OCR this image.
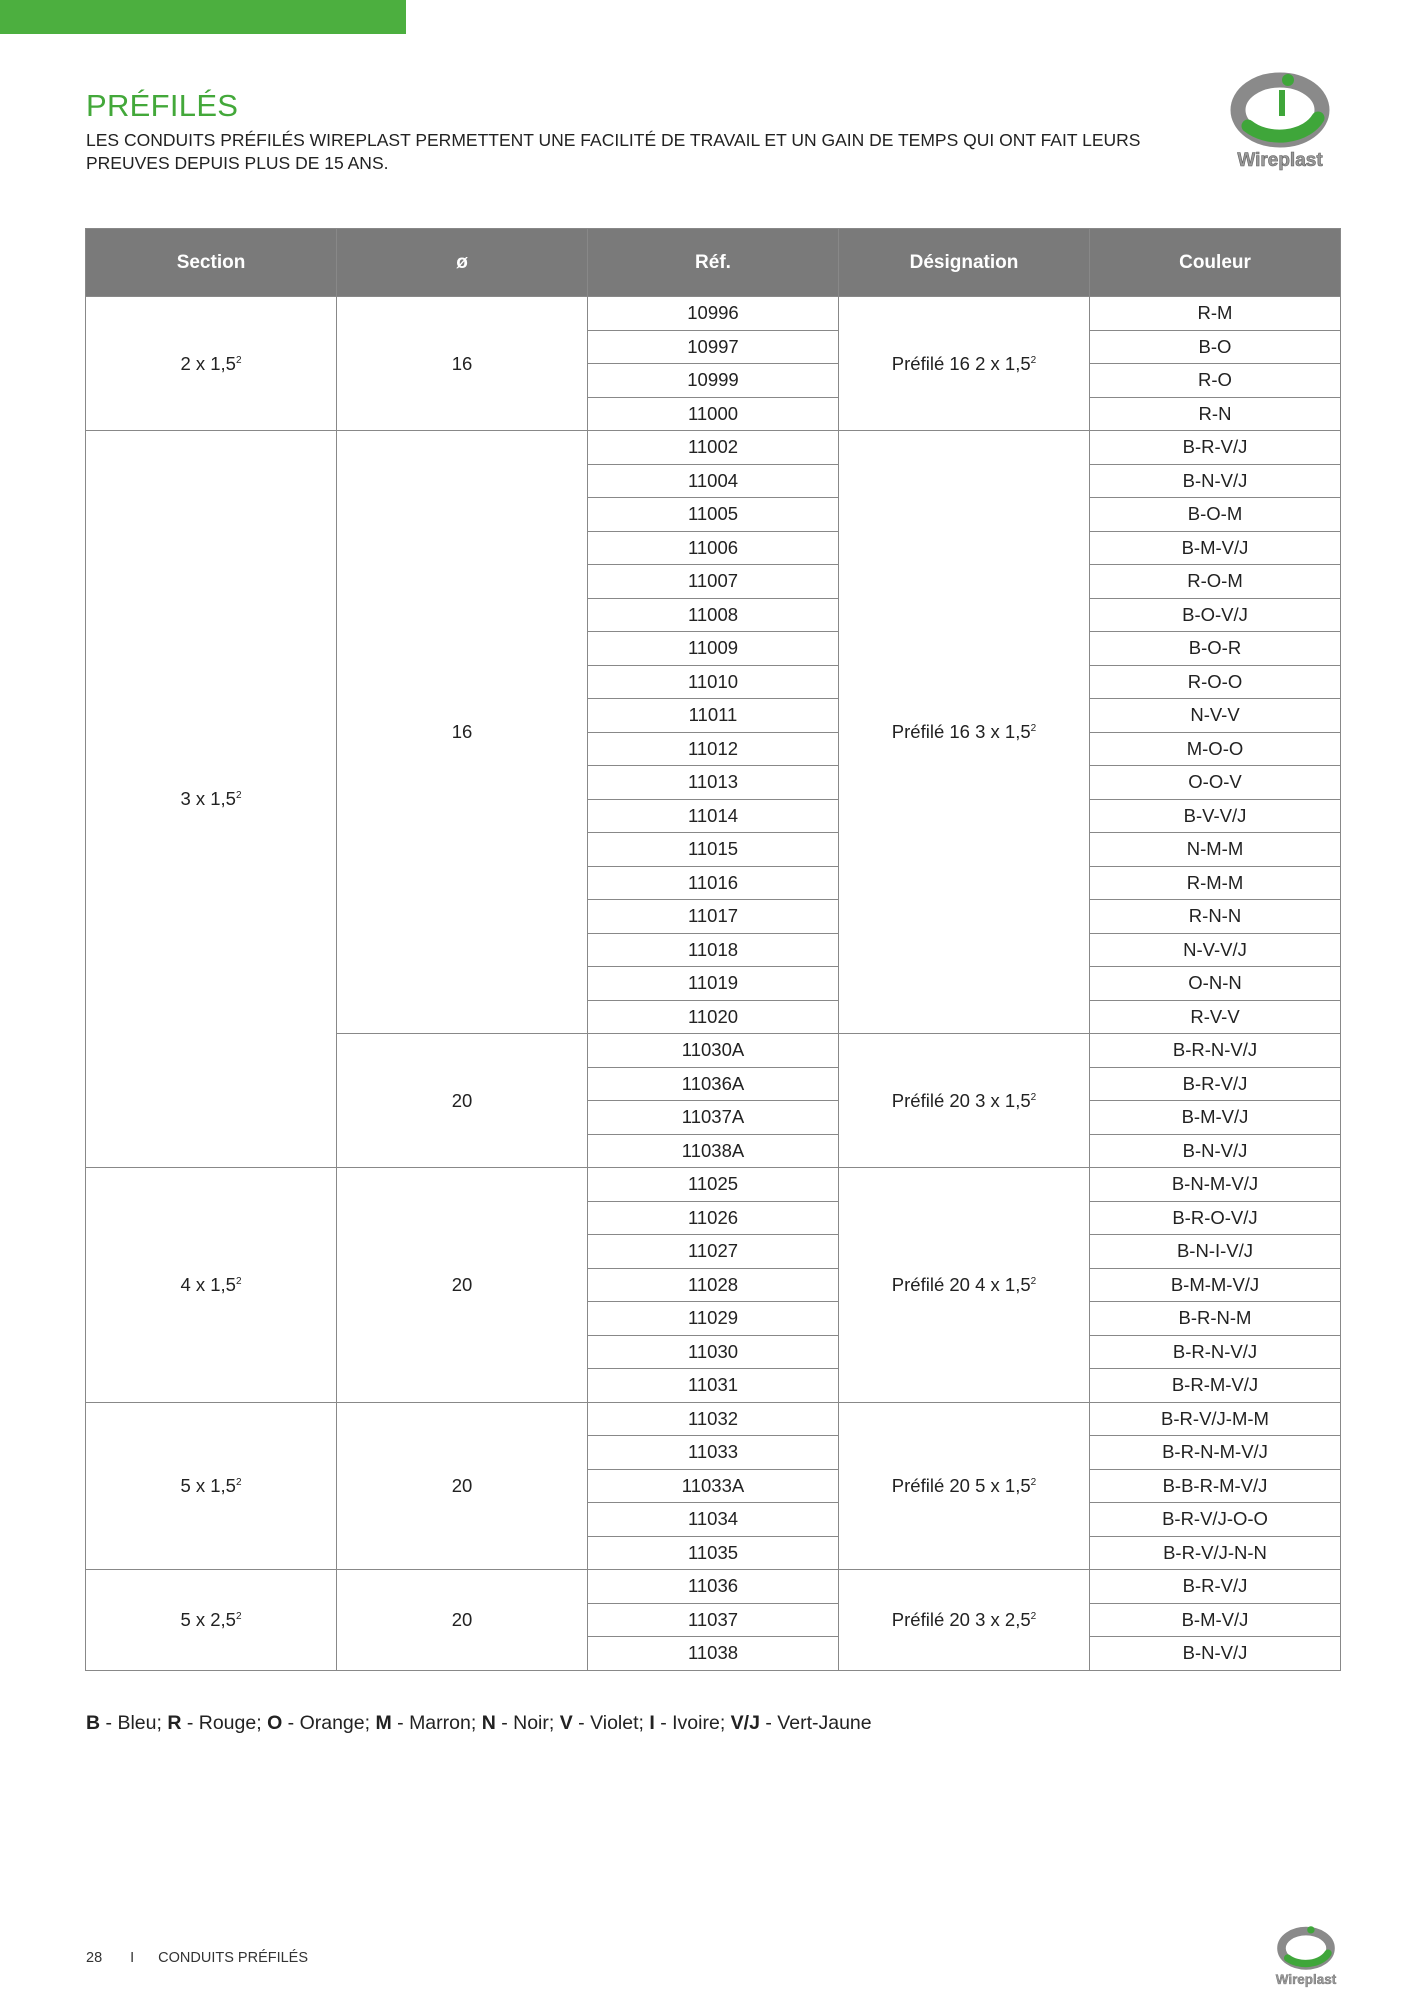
PRÉFILÉS
LES CONDUITS PRÉFILÉS WIREPLAST PERMETTENT UNE FACILITÉ DE TRAVAIL ET UN GAIN DE TEMPS QUI ONT FAIT LEURS PREUVES DEPUIS PLUS DE 15 ANS.	Wireplast
Section	ø	Réf.	Désignation	Couleur
2 x $1,5^2$	16	10996	Préfilé 16 2 x $1,5^2$	R-M
		10997		B-O
		10999		R-O
		11000		R-N
3 x $1,5^2$	16	11002	Préfilé 16 3 x $1,5^2$	B-R-V/J
		11004		B-N-V/J
		11005		B-O-M
		11006		B-M-V/J
		11007		R-O-M
		11008		B-O-V/J
		11009		B-O-R
		11010		R-O-O
		11011		N-V-V
		11012		M-O-O
		11013		O-O-V
		11014		B-V-V/J
		11015		N-M-M
		11016		R-M-M
		11017		R-N-N
		11018		N-V-V/J
		11019		O-N-N
		11020		R-V-V
	20	11030A	Préfilé 20 3 x $1,5^2$	B-R-N-V/J
		11036A		B-R-V/J
		11037A		B-M-V/J
		11038A		B-N-V/J
4 x $1,5^2$	20	11025	Préfilé 20 4 x $1,5^2$	B-N-M-V/J
		11026		B-R-O-V/J
		11027		B-N-I-V/J
		11028		B-M-M-V/J
		11029		B-R-N-M
		11030		B-R-N-V/J
		11031		B-R-M-V/J
5 x $1,5^2$	20	11032	Préfilé 20 5 x $1,5^2$	B-R-V/J-M-M
		11033		B-R-N-M-V/J
		11033A		B-B-R-M-V/J
		11034		B-R-V/J-O-O
		11035		B-R-V/J-N-N
5 x $2,5^2$	20	11036	Préfilé 20 3 x $2,5^2$	B-R-V/J
		11037		B-M-V/J
		11038		B-N-V/J
B - Bleu; R - Rouge; O - Orange; M - Marron; N - Noir; V - Violet; I - Ivoire; V/J - Vert-Jaune
28 I CONDUITS PRÉFILÉS
Wireplast
